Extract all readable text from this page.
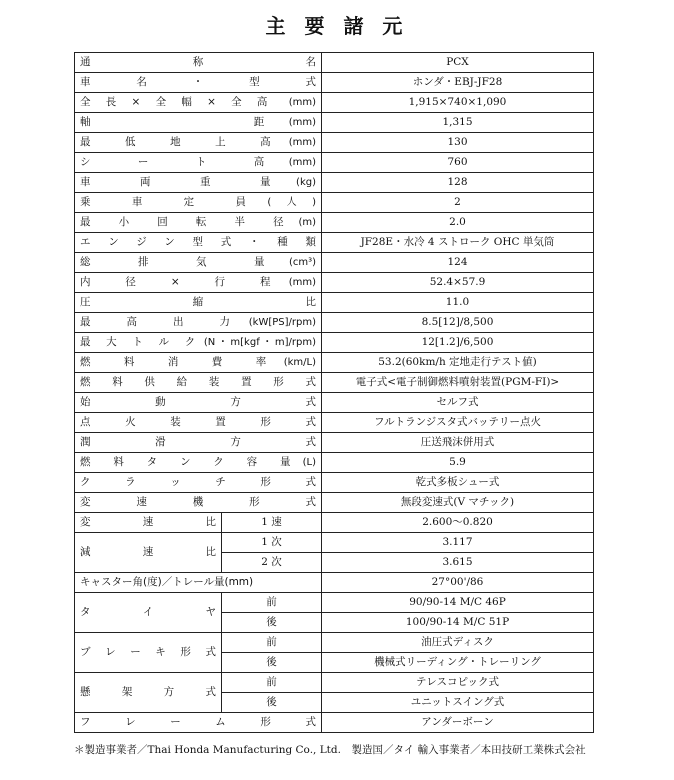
主 要 諸 元
通　　　称　　　名		PCX
車　名　・　型　式		ホンダ・EBJ-JF28
全長×全幅×全高 (mm)		1,915×740×1,090
軸　　　　　距 (mm)		1,315
最　低　地　上　高 (mm)		130
シ　ー　ト　高 (mm)		760
車　両　重　量 (kg)		128
乗　車　定　員 (人)		2
最　小　回　転　半　径 (m)		2.0
エンジン型式・種類		JF28E・水冷 4 ストローク OHC 単気筒
総　排　気　量 (cm³)		124
内　径　×　行　程 (mm)		52.4×57.9
圧　　縮　　比		11.0
最　高　出　力 (kW[PS]/rpm)		8.5[12]/8,500
最　大　ト　ル　ク (N・m[kgf・m]/rpm)		12[1.2]/6,500
燃　料　消　費　率 (km/L)		53.2(60km/h 定地走行テスト値)
燃料供給装置形式		電子式<電子制御燃料噴射装置(PGM-FI)>
始　動　方　式		セルフ式
点　火　装　置　形　式		フルトランジスタ式バッテリー点火
潤　滑　方　式		圧送飛沫併用式
燃　料　タ　ン　ク　容　量 (L)		5.9
ク　ラ　ッ　チ　形　式		乾式多板シュー式
変　速　機　形　式		無段変速式(V マチック)
変　速　比	1 速	2.600〜0.820
減　速　比	1 次	3.117
	2 次	3.615
キャスター角(度)／トレール量(mm)		27°00'/86
タ　　イ　　ヤ	前	90/90-14 M/C 46P
	後	100/90-14 M/C 51P
ブ　レ　ー　キ　形　式	前	油圧式ディスク
	後	機械式リーディング・トレーリング
懸　架　方　式	前	テレスコピック式
	後	ユニットスイング式
フ　レ　ー　ム　形　式		アンダーボーン
＊製造事業者／Thai Honda Manufacturing Co., Ltd.　製造国／タイ 輸入事業者／本田技研工業株式会社
